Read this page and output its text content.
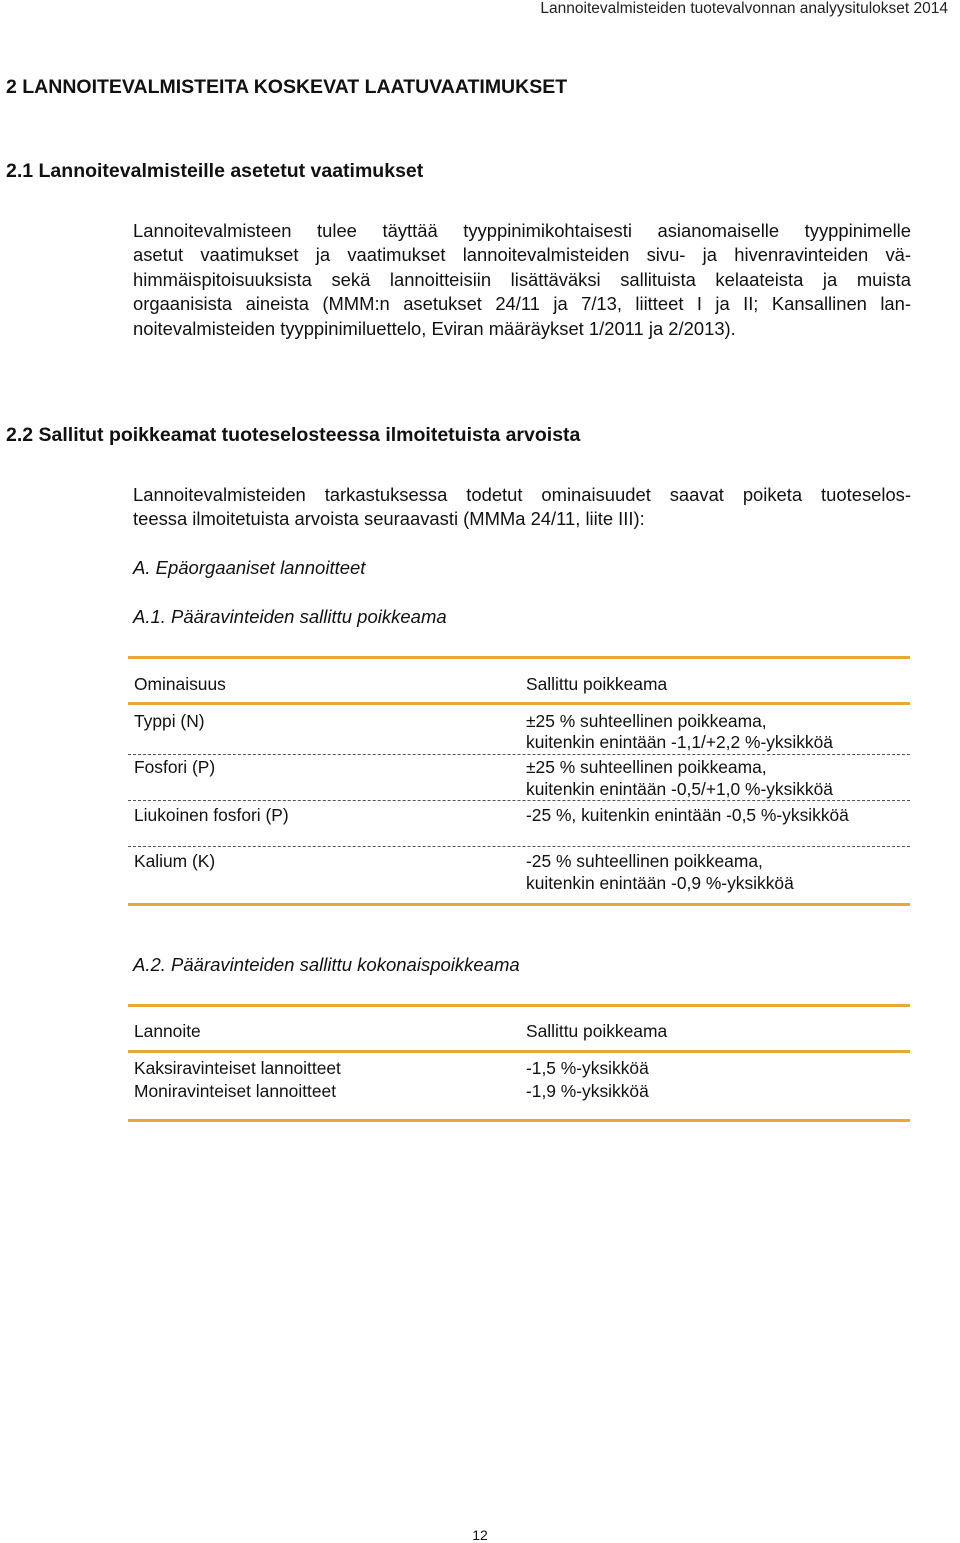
Lannoitevalmisteiden tuotevalvonnan analyysitulokset 2014
2 LANNOITEVALMISTEITA KOSKEVAT LAATUVAATIMUKSET
2.1 Lannoitevalmisteille asetetut vaatimukset
Lannoitevalmisteen tulee täyttää tyyppinimikohtaisesti asianomaiselle tyyppinimelle
asetut vaatimukset ja vaatimukset lannoitevalmisteiden sivu- ja hivenravinteiden vä-
himmäispitoisuuksista sekä lannoitteisiin lisättäväksi sallituista kelaateista ja muista
orgaanisista aineista (MMM:n asetukset 24/11 ja 7/13, liitteet I ja II; Kansallinen lan-
noitevalmisteiden tyyppinimiluettelo, Eviran määräykset 1/2011 ja 2/2013).
2.2 Sallitut poikkeamat tuoteselosteessa ilmoitetuista arvoista
Lannoitevalmisteiden tarkastuksessa todetut ominaisuudet saavat poiketa tuoteselos-
teessa ilmoitetuista arvoista seuraavasti (MMMa 24/11, liite III):
A. Epäorgaaniset lannoitteet
A.1. Pääravinteiden sallittu poikkeama
Ominaisuus	Sallittu poikkeama
Typpi (N)	±25 % suhteellinen poikkeama,
kuitenkin enintään -1,1/+2,2 %-yksikköä
Fosfori (P)	±25 % suhteellinen poikkeama,
kuitenkin enintään -0,5/+1,0 %-yksikköä
Liukoinen fosfori (P)	-25 %, kuitenkin enintään -0,5 %-yksikköä
Kalium (K)	-25 % suhteellinen poikkeama,
kuitenkin enintään -0,9 %-yksikköä
A.2. Pääravinteiden sallittu kokonaispoikkeama
Lannoite	Sallittu poikkeama
Kaksiravinteiset lannoitteet	-1,5 %-yksikköä
Moniravinteiset lannoitteet	-1,9 %-yksikköä
12
